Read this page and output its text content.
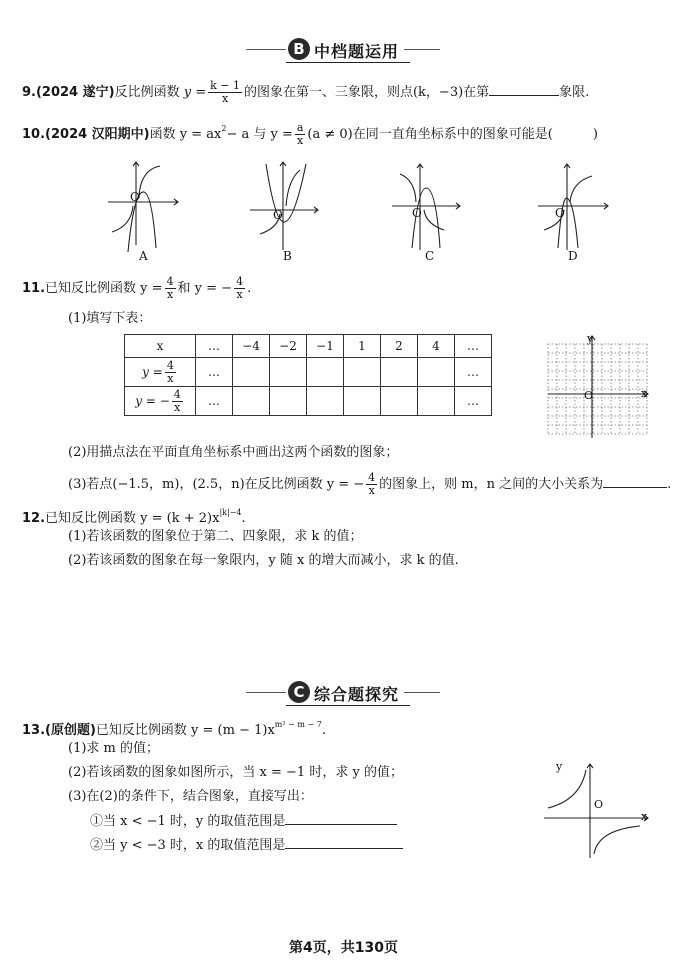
B 中档题运用
9.(2024 遂宁)反比例函数 $y = \frac{k - 1}{x}$ 的图象在第一、三象限，则点(k，−3)在第	象限.
10.(2024 汉阳期中)函数 $y = ax^2- a$ 与 $y = \frac{a}{x} (a \ne 0)$在同一直角坐标系中的图象可能是(	)
O
O	O	O
A	B	C	D
11.已知反比例函数 $y = \frac{4}{x}$ 和 y = − $\frac{4}{x}$ .
(1)填写下表：
x	…	−4	−2	−1	1	2	4	…
$y = \frac{4}{x}$	…							…
y = − $\frac{4}{x}$	…							…	O	x
y
(2)用描点法在平面直角坐标系中画出这两个函数的图象；
(3)若点(−1.5，m)，(2.5，n)在反比例函数 y = − $\frac{4}{x}$ 的图象上，则 m，n 之间的大小关系为	.
12.已知反比例函数 $y = (k + 2)x^{|k|-4}$.
(1)若该函数的图象位于第二、四象限，求 k 的值；
(2)若该函数的图象在每一象限内，y 随 x 的增大而减小，求 k 的值.
C 综合题探究
13.(原创题)已知反比例函数 $y = (m - 1)x^{m^2 - m - 7}$.
(1)求 m 的值；
(2)若该函数的图象如图所示，当 x = −1 时，求 y 的值；
(3)在(2)的条件下，结合图象，直接写出：
①当 x < −1 时，y 的取值范围是
②当 y < −3 时，x 的取值范围是
y
x
O
第4页，共130页
